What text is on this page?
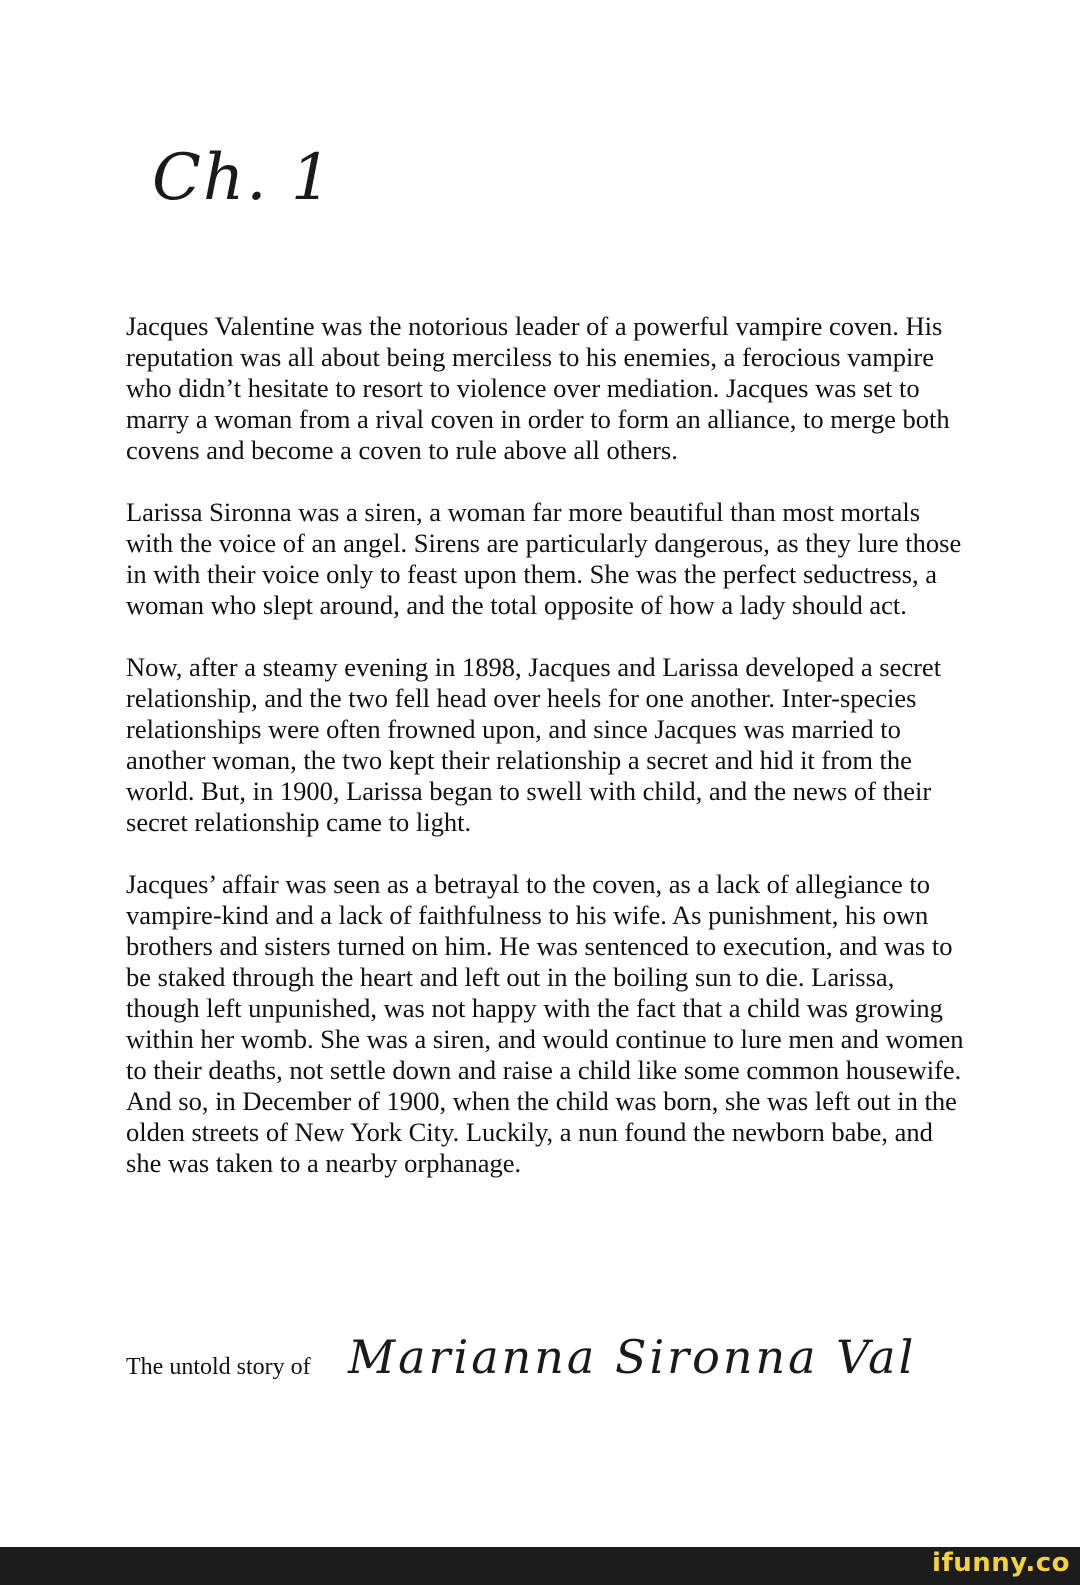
Ch. 1

Jacques Valentine was the notorious leader of a powerful vampire coven. His reputation was all about being merciless to his enemies, a ferocious vampire who didn’t hesitate to resort to violence over mediation. Jacques was set to marry a woman from a rival coven in order to form an alliance, to merge both covens and become a coven to rule above all others.

Larissa Sironna was a siren, a woman far more beautiful than most mortals with the voice of an angel. Sirens are particularly dangerous, as they lure those in with their voice only to feast upon them. She was the perfect seductress, a woman who slept around, and the total opposite of how a lady should act.

Now, after a steamy evening in 1898, Jacques and Larissa developed a secret relationship, and the two fell head over heels for one another. Inter-species relationships were often frowned upon, and since Jacques was married to another woman, the two kept their relationship a secret and hid it from the world. But, in 1900, Larissa began to swell with child, and the news of their secret relationship came to light.

Jacques’ affair was seen as a betrayal to the coven, as a lack of allegiance to vampire-kind and a lack of faithfulness to his wife. As punishment, his own brothers and sisters turned on him. He was sentenced to execution, and was to be staked through the heart and left out in the boiling sun to die. Larissa, though left unpunished, was not happy with the fact that a child was growing within her womb. She was a siren, and would continue to lure men and women to their deaths, not settle down and raise a child like some common housewife. And so, in December of 1900, when the child was born, she was left out in the olden streets of New York City. Luckily, a nun found the newborn babe, and she was taken to a nearby orphanage.

The untold story of Marianna Sironna Val
ifunny.co
